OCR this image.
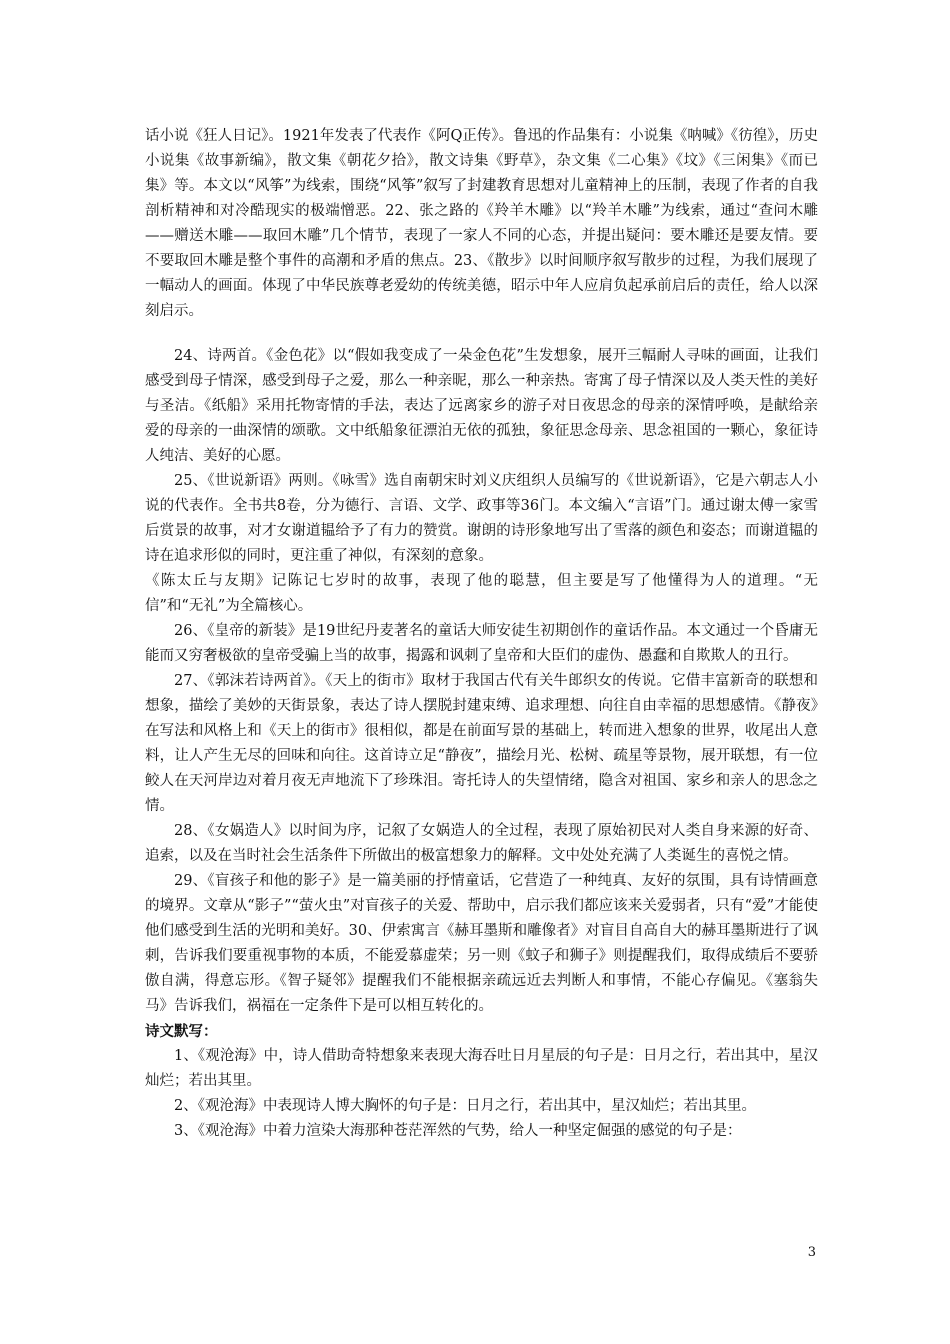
话小说《狂人日记》。1921年发表了代表作《阿Q正传》。鲁迅的作品集有：小说集《呐喊》《彷徨》，历史小说集《故事新编》，散文集《朝花夕拾》，散文诗集《野草》，杂文集《二心集》《坟》《三闲集》《而已集》等。本文以“风筝”为线索，围绕“风筝”叙写了封建教育思想对儿童精神上的压制，表现了作者的自我剖析精神和对冷酷现实的极端憎恶。22、张之路的《羚羊木雕》以“羚羊木雕”为线索，通过“查问木雕——赠送木雕——取回木雕”几个情节，表现了一家人不同的心态，并提出疑问：要木雕还是要友情。要不要取回木雕是整个事件的高潮和矛盾的焦点。23、《散步》以时间顺序叙写散步的过程，为我们展现了一幅动人的画面。体现了中华民族尊老爱幼的传统美德，昭示中年人应肩负起承前启后的责任，给人以深刻启示。

24、诗两首。《金色花》以“假如我变成了一朵金色花”生发想象，展开三幅耐人寻味的画面，让我们感受到母子情深，感受到母子之爱，那么一种亲昵，那么一种亲热。寄寓了母子情深以及人类天性的美好与圣洁。《纸船》采用托物寄情的手法，表达了远离家乡的游子对日夜思念的母亲的深情呼唤，是献给亲爱的母亲的一曲深情的颂歌。文中纸船象征漂泊无依的孤独，象征思念母亲、思念祖国的一颗心，象征诗人纯洁、美好的心愿。

25、《世说新语》两则。《咏雪》选自南朝宋时刘义庆组织人员编写的《世说新语》，它是六朝志人小说的代表作。全书共8卷，分为德行、言语、文学、政事等36门。本文编入“言语”门。通过谢太傅一家雪后赏景的故事，对才女谢道韫给予了有力的赞赏。谢朗的诗形象地写出了雪落的颜色和姿态；而谢道韫的诗在追求形似的同时，更注重了神似，有深刻的意象。

《陈太丘与友期》记陈记七岁时的故事，表现了他的聪慧，但主要是写了他懂得为人的道理。“无信”和“无礼”为全篇核心。

26、《皇帝的新装》是19世纪丹麦著名的童话大师安徒生初期创作的童话作品。本文通过一个昏庸无能而又穷奢极欲的皇帝受骗上当的故事，揭露和讽刺了皇帝和大臣们的虚伪、愚蠢和自欺欺人的丑行。

27、《郭沫若诗两首》。《天上的街市》取材于我国古代有关牛郎织女的传说。它借丰富新奇的联想和想象，描绘了美妙的天街景象，表达了诗人摆脱封建束缚、追求理想、向往自由幸福的思想感情。《静夜》在写法和风格上和《天上的街市》很相似，都是在前面写景的基础上，转而进入想象的世界，收尾出人意料，让人产生无尽的回味和向往。这首诗立足“静夜”，描绘月光、松树、疏星等景物，展开联想，有一位鲛人在天河岸边对着月夜无声地流下了珍珠泪。寄托诗人的失望情绪，隐含对祖国、家乡和亲人的思念之情。

28、《女娲造人》以时间为序，记叙了女娲造人的全过程，表现了原始初民对人类自身来源的好奇、追索，以及在当时社会生活条件下所做出的极富想象力的解释。文中处处充满了人类诞生的喜悦之情。

29、《盲孩子和他的影子》是一篇美丽的抒情童话，它营造了一种纯真、友好的氛围，具有诗情画意的境界。文章从“影子”“萤火虫”对盲孩子的关爱、帮助中，启示我们都应该来关爱弱者，只有“爱”才能使他们感受到生活的光明和美好。30、伊索寓言《赫耳墨斯和雕像者》对盲目自高自大的赫耳墨斯进行了讽刺，告诉我们要重视事物的本质，不能爱慕虚荣；另一则《蚊子和狮子》则提醒我们，取得成绩后不要骄傲自满，得意忘形。《智子疑邻》提醒我们不能根据亲疏远近去判断人和事情，不能心存偏见。《塞翁失马》告诉我们，祸福在一定条件下是可以相互转化的。

诗文默写：

1、《观沧海》中，诗人借助奇特想象来表现大海吞吐日月星辰的句子是：日月之行，若出其中，星汉灿烂；若出其里。

2、《观沧海》中表现诗人博大胸怀的句子是：日月之行，若出其中，星汉灿烂；若出其里。

3、《观沧海》中着力渲染大海那种苍茫浑然的气势，给人一种坚定倔强的感觉的句子是：

3
